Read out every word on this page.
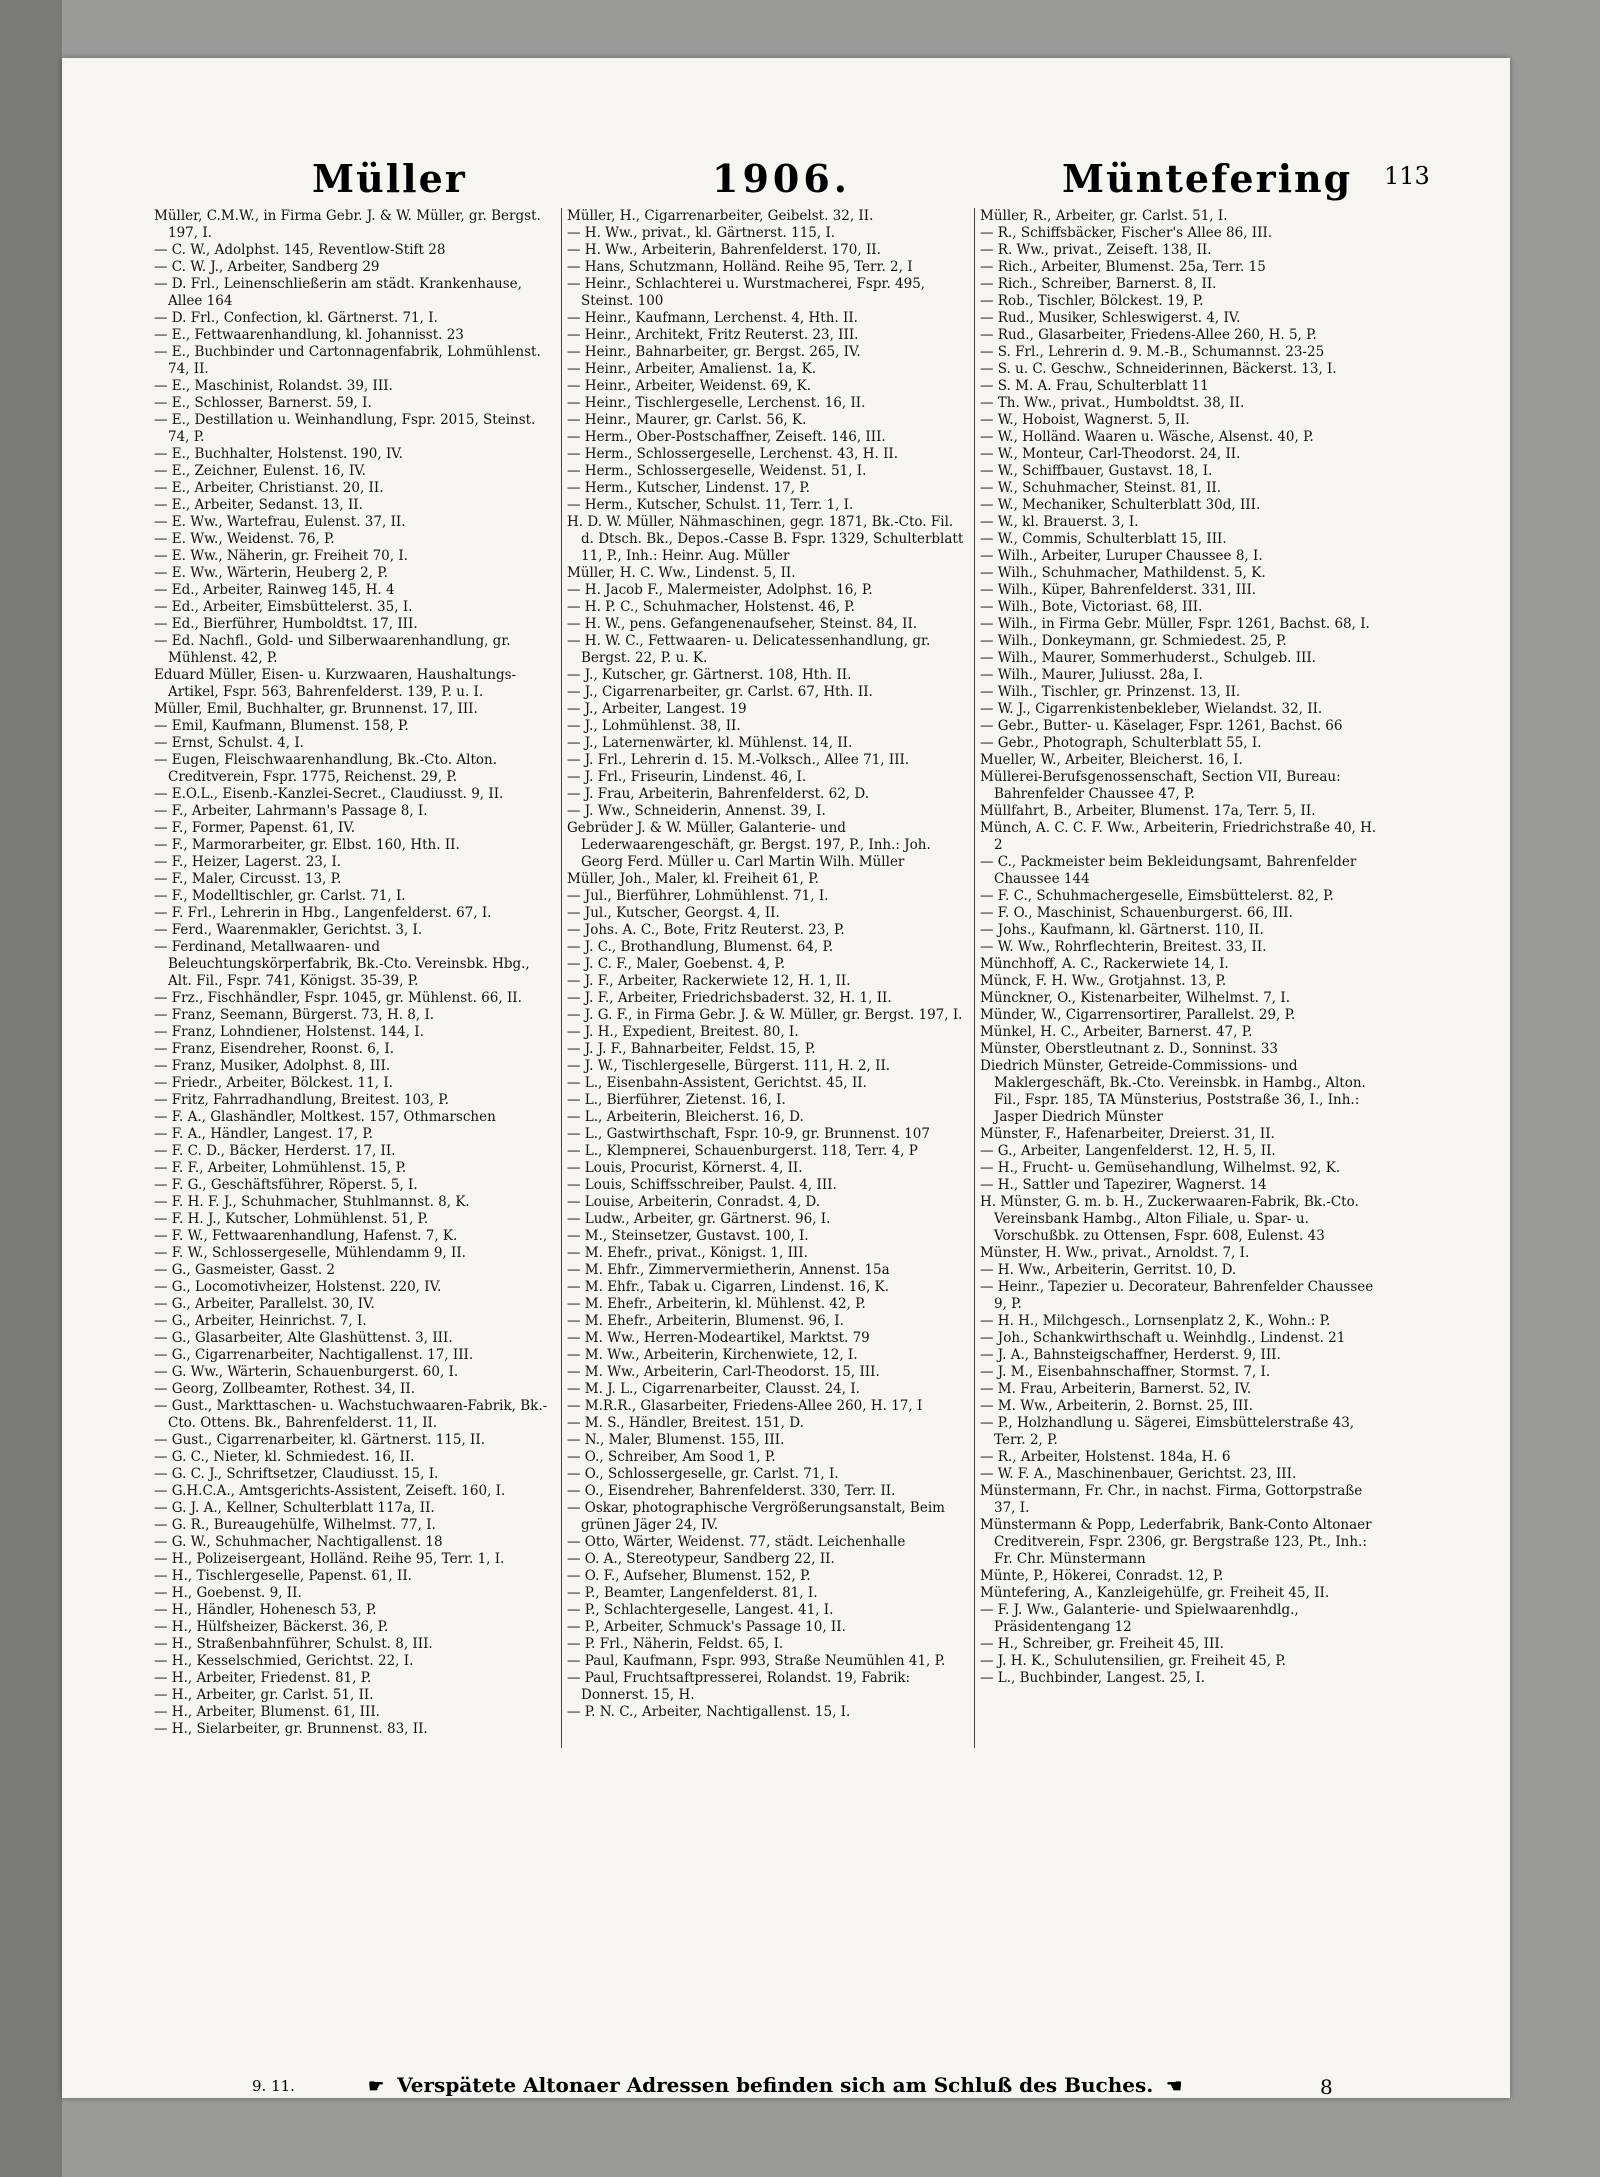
Müller	1906.	Müntefering 113
Müller, C.M.W., in Firma Gebr. J. & W. Müller, gr. Bergst. 197, I.
— C. W., Adolphst. 145, Reventlow-Stift 28
— C. W. J., Arbeiter, Sandberg 29
— D. Frl., Leinenschließerin am städt. Krankenhause, Allee 164
— D. Frl., Confection, kl. Gärtnerst. 71, I.
— E., Fettwaarenhandlung, kl. Johannisst. 23
— E., Buchbinder und Cartonnagenfabrik, Lohmühlenst. 74, II.
— E., Maschinist, Rolandst. 39, III.
— E., Schlosser, Barnerst. 59, I.
— E., Destillation u. Weinhandlung, Fspr. 2015, Steinst. 74, P.
— E., Buchhalter, Holstenst. 190, IV.
— E., Zeichner, Eulenst. 16, IV.
— E., Arbeiter, Christianst. 20, II.
— E., Arbeiter, Sedanst. 13, II.
— E. Ww., Wartefrau, Eulenst. 37, II.
— E. Ww., Weidenst. 76, P.
— E. Ww., Näherin, gr. Freiheit 70, I.
— E. Ww., Wärterin, Heuberg 2, P.
— Ed., Arbeiter, Rainweg 145, H. 4
— Ed., Arbeiter, Eimsbüttelerst. 35, I.
— Ed., Bierführer, Humboldtst. 17, III.
— Ed. Nachfl., Gold- und Silberwaarenhandlung, gr. Mühlenst. 42, P.
Eduard Müller, Eisen- u. Kurzwaaren, Haushaltungs-Artikel, Fspr. 563, Bahrenfelderst. 139, P. u. I.
Müller, Emil, Buchhalter, gr. Brunnenst. 17, III.
— Emil, Kaufmann, Blumenst. 158, P.
— Ernst, Schulst. 4, I.
— Eugen, Fleischwaarenhandlung, Bk.-Cto. Alton. Creditverein, Fspr. 1775, Reichenst. 29, P.
— E.O.L., Eisenb.-Kanzlei-Secret., Claudiusst. 9, II.
— F., Arbeiter, Lahrmann's Passage 8, I.
— F., Former, Papenst. 61, IV.
— F., Marmorarbeiter, gr. Elbst. 160, Hth. II.
— F., Heizer, Lagerst. 23, I.
— F., Maler, Circusst. 13, P.
— F., Modelltischler, gr. Carlst. 71, I.
— F. Frl., Lehrerin in Hbg., Langenfelderst. 67, I.
— Ferd., Waarenmakler, Gerichtst. 3, I.
— Ferdinand, Metallwaaren- und Beleuchtungskörperfabrik, Bk.-Cto. Vereinsbk. Hbg., Alt. Fil., Fspr. 741, Königst. 35-39, P.
— Frz., Fischhändler, Fspr. 1045, gr. Mühlenst. 66, II.
— Franz, Seemann, Bürgerst. 73, H. 8, I.
— Franz, Lohndiener, Holstenst. 144, I.
— Franz, Eisendreher, Roonst. 6, I.
— Franz, Musiker, Adolphst. 8, III.
— Friedr., Arbeiter, Bölckest. 11, I.
— Fritz, Fahrradhandlung, Breitest. 103, P.
— F. A., Glashändler, Moltkest. 157, Othmarschen
— F. A., Händler, Langest. 17, P.
— F. C. D., Bäcker, Herderst. 17, II.
— F. F., Arbeiter, Lohmühlenst. 15, P.
— F. G., Geschäftsführer, Röperst. 5, I.
— F. H. F. J., Schuhmacher, Stuhlmannst. 8, K.
— F. H. J., Kutscher, Lohmühlenst. 51, P.
— F. W., Fettwaarenhandlung, Hafenst. 7, K.
— F. W., Schlossergeselle, Mühlendamm 9, II.
— G., Gasmeister, Gasst. 2
— G., Locomotivheizer, Holstenst. 220, IV.
— G., Arbeiter, Parallelst. 30, IV.
— G., Arbeiter, Heinrichst. 7, I.
— G., Glasarbeiter, Alte Glashüttenst. 3, III.
— G., Cigarrenarbeiter, Nachtigallenst. 17, III.
— G. Ww., Wärterin, Schauenburgerst. 60, I.
— Georg, Zollbeamter, Rothest. 34, II.
— Gust., Markttaschen- u. Wachstuchwaaren-Fabrik, Bk.-Cto. Ottens. Bk., Bahrenfelderst. 11, II.
— Gust., Cigarrenarbeiter, kl. Gärtnerst. 115, II.
— G. C., Nieter, kl. Schmiedest. 16, II.
— G. C. J., Schriftsetzer, Claudiusst. 15, I.
— G.H.C.A., Amtsgerichts-Assistent, Zeiseft. 160, I.
— G. J. A., Kellner, Schulterblatt 117a, II.
— G. R., Bureaugehülfe, Wilhelmst. 77, I.
— G. W., Schuhmacher, Nachtigallenst. 18
— H., Polizeisergeant, Holländ. Reihe 95, Terr. 1, I.
— H., Tischlergeselle, Papenst. 61, II.
— H., Goebenst. 9, II.
— H., Händler, Hohenesch 53, P.
— H., Hülfsheizer, Bäckerst. 36, P.
— H., Straßenbahnführer, Schulst. 8, III.
— H., Kesselschmied, Gerichtst. 22, I.
— H., Arbeiter, Friedenst. 81, P.
— H., Arbeiter, gr. Carlst. 51, II.
— H., Arbeiter, Blumenst. 61, III.
— H., Sielarbeiter, gr. Brunnenst. 83, II.
Müller, H., Cigarrenarbeiter, Geibelst. 32, II.
— H. Ww., privat., kl. Gärtnerst. 115, I.
— H. Ww., Arbeiterin, Bahrenfelderst. 170, II.
— Hans, Schutzmann, Holländ. Reihe 95, Terr. 2, I
— Heinr., Schlachterei u. Wurstmacherei, Fspr. 495, Steinst. 100
— Heinr., Kaufmann, Lerchenst. 4, Hth. II.
— Heinr., Architekt, Fritz Reuterst. 23, III.
— Heinr., Bahnarbeiter, gr. Bergst. 265, IV.
— Heinr., Arbeiter, Amalienst. 1a, K.
— Heinr., Arbeiter, Weidenst. 69, K.
— Heinr., Tischlergeselle, Lerchenst. 16, II.
— Heinr., Maurer, gr. Carlst. 56, K.
— Herm., Ober-Postschaffner, Zeiseft. 146, III.
— Herm., Schlossergeselle, Lerchenst. 43, H. II.
— Herm., Schlossergeselle, Weidenst. 51, I.
— Herm., Kutscher, Lindenst. 17, P.
— Herm., Kutscher, Schulst. 11, Terr. 1, I.
H. D. W. Müller, Nähmaschinen, gegr. 1871, Bk.-Cto. Fil. d. Dtsch. Bk., Depos.-Casse B. Fspr. 1329, Schulterblatt 11, P., Inh.: Heinr. Aug. Müller
Müller, H. C. Ww., Lindenst. 5, II.
— H. Jacob F., Malermeister, Adolphst. 16, P.
— H. P. C., Schuhmacher, Holstenst. 46, P.
— H. W., pens. Gefangenenaufseher, Steinst. 84, II.
— H. W. C., Fettwaaren- u. Delicatessenhandlung, gr. Bergst. 22, P. u. K.
— J., Kutscher, gr. Gärtnerst. 108, Hth. II.
— J., Cigarrenarbeiter, gr. Carlst. 67, Hth. II.
— J., Arbeiter, Langest. 19
— J., Lohmühlenst. 38, II.
— J., Laternenwärter, kl. Mühlenst. 14, II.
— J. Frl., Lehrerin d. 15. M.-Volksch., Allee 71, III.
— J. Frl., Friseurin, Lindenst. 46, I.
— J. Frau, Arbeiterin, Bahrenfelderst. 62, D.
— J. Ww., Schneiderin, Annenst. 39, I.
Gebrüder J. & W. Müller, Galanterie- und Lederwaarengeschäft, gr. Bergst. 197, P., Inh.: Joh. Georg Ferd. Müller u. Carl Martin Wilh. Müller
Müller, Joh., Maler, kl. Freiheit 61, P.
— Jul., Bierführer, Lohmühlenst. 71, I.
— Jul., Kutscher, Georgst. 4, II.
— Johs. A. C., Bote, Fritz Reuterst. 23, P.
— J. C., Brothandlung, Blumenst. 64, P.
— J. C. F., Maler, Goebenst. 4, P.
— J. F., Arbeiter, Rackerwiete 12, H. 1, II.
— J. F., Arbeiter, Friedrichsbaderst. 32, H. 1, II.
— J. G. F., in Firma Gebr. J. & W. Müller, gr. Bergst. 197, I.
— J. H., Expedient, Breitest. 80, I.
— J. J. F., Bahnarbeiter, Feldst. 15, P.
— J. W., Tischlergeselle, Bürgerst. 111, H. 2, II.
— L., Eisenbahn-Assistent, Gerichtst. 45, II.
— L., Bierführer, Zietenst. 16, I.
— L., Arbeiterin, Bleicherst. 16, D.
— L., Gastwirthschaft, Fspr. 10-9, gr. Brunnenst. 107
— L., Klempnerei, Schauenburgerst. 118, Terr. 4, P
— Louis, Procurist, Körnerst. 4, II.
— Louis, Schiffsschreiber, Paulst. 4, III.
— Louise, Arbeiterin, Conradst. 4, D.
— Ludw., Arbeiter, gr. Gärtnerst. 96, I.
— M., Steinsetzer, Gustavst. 100, I.
— M. Ehefr., privat., Königst. 1, III.
— M. Ehfr., Zimmervermietherin, Annenst. 15a
— M. Ehfr., Tabak u. Cigarren, Lindenst. 16, K.
— M. Ehefr., Arbeiterin, kl. Mühlenst. 42, P.
— M. Ehefr., Arbeiterin, Blumenst. 96, I.
— M. Ww., Herren-Modeartikel, Marktst. 79
— M. Ww., Arbeiterin, Kirchenwiete, 12, I.
— M. Ww., Arbeiterin, Carl-Theodorst. 15, III.
— M. J. L., Cigarrenarbeiter, Clausst. 24, I.
— M.R.R., Glasarbeiter, Friedens-Allee 260, H. 17, I
— M. S., Händler, Breitest. 151, D.
— N., Maler, Blumenst. 155, III.
— O., Schreiber, Am Sood 1, P.
— O., Schlossergeselle, gr. Carlst. 71, I.
— O., Eisendreher, Bahrenfelderst. 330, Terr. II.
— Oskar, photographische Vergrößerungsanstalt, Beim grünen Jäger 24, IV.
— Otto, Wärter, Weidenst. 77, städt. Leichenhalle
— O. A., Stereotypeur, Sandberg 22, II.
— O. F., Aufseher, Blumenst. 152, P.
— P., Beamter, Langenfelderst. 81, I.
— P., Schlachtergeselle, Langest. 41, I.
— P., Arbeiter, Schmuck's Passage 10, II.
— P. Frl., Näherin, Feldst. 65, I.
— Paul, Kaufmann, Fspr. 993, Straße Neumühlen 41, P.
— Paul, Fruchtsaftpresserei, Rolandst. 19, Fabrik: Donnerst. 15, H.
— P. N. C., Arbeiter, Nachtigallenst. 15, I.
Müller, R., Arbeiter, gr. Carlst. 51, I.
— R., Schiffsbäcker, Fischer's Allee 86, III.
— R. Ww., privat., Zeiseft. 138, II.
— Rich., Arbeiter, Blumenst. 25a, Terr. 15
— Rich., Schreiber, Barnerst. 8, II.
— Rob., Tischler, Bölckest. 19, P.
— Rud., Musiker, Schleswigerst. 4, IV.
— Rud., Glasarbeiter, Friedens-Allee 260, H. 5, P.
— S. Frl., Lehrerin d. 9. M.-B., Schumannst. 23-25
— S. u. C. Geschw., Schneiderinnen, Bäckerst. 13, I.
— S. M. A. Frau, Schulterblatt 11
— Th. Ww., privat., Humboldtst. 38, II.
— W., Hoboist, Wagnerst. 5, II.
— W., Holländ. Waaren u. Wäsche, Alsenst. 40, P.
— W., Monteur, Carl-Theodorst. 24, II.
— W., Schiffbauer, Gustavst. 18, I.
— W., Schuhmacher, Steinst. 81, II.
— W., Mechaniker, Schulterblatt 30d, III.
— W., kl. Brauerst. 3, I.
— W., Commis, Schulterblatt 15, III.
— Wilh., Arbeiter, Luruper Chaussee 8, I.
— Wilh., Schuhmacher, Mathildenst. 5, K.
— Wilh., Küper, Bahrenfelderst. 331, III.
— Wilh., Bote, Victoriast. 68, III.
— Wilh., in Firma Gebr. Müller, Fspr. 1261, Bachst. 68, I.
— Wilh., Donkeymann, gr. Schmiedest. 25, P.
— Wilh., Maurer, Sommerhuderst., Schulgeb. III.
— Wilh., Maurer, Juliusst. 28a, I.
— Wilh., Tischler, gr. Prinzenst. 13, II.
— W. J., Cigarrenkistenbekleber, Wielandst. 32, II.
— Gebr., Butter- u. Käselager, Fspr. 1261, Bachst. 66
— Gebr., Photograph, Schulterblatt 55, I.
Mueller, W., Arbeiter, Bleicherst. 16, I.
Müllerei-Berufsgenossenschaft, Section VII, Bureau: Bahrenfelder Chaussee 47, P.
Müllfahrt, B., Arbeiter, Blumenst. 17a, Terr. 5, II.
Münch, A. C. C. F. Ww., Arbeiterin, Friedrichstraße 40, H. 2
— C., Packmeister beim Bekleidungsamt, Bahrenfelder Chaussee 144
— F. C., Schuhmachergeselle, Eimsbüttelerst. 82, P.
— F. O., Maschinist, Schauenburgerst. 66, III.
— Johs., Kaufmann, kl. Gärtnerst. 110, II.
— W. Ww., Rohrflechterin, Breitest. 33, II.
Münchhoff, A. C., Rackerwiete 14, I.
Münck, F. H. Ww., Grotjahnst. 13, P.
Münckner, O., Kistenarbeiter, Wilhelmst. 7, I.
Münder, W., Cigarrensortirer, Parallelst. 29, P.
Münkel, H. C., Arbeiter, Barnerst. 47, P.
Münster, Oberstleutnant z. D., Sonninst. 33
Diedrich Münster, Getreide-Commissions- und Maklergeschäft, Bk.-Cto. Vereinsbk. in Hambg., Alton. Fil., Fspr. 185, TA Münsterius, Poststraße 36, I., Inh.: Jasper Diedrich Münster
Münster, F., Hafenarbeiter, Dreierst. 31, II.
— G., Arbeiter, Langenfelderst. 12, H. 5, II.
— H., Frucht- u. Gemüsehandlung, Wilhelmst. 92, K.
— H., Sattler und Tapezirer, Wagnerst. 14
H. Münster, G. m. b. H., Zuckerwaaren-Fabrik, Bk.-Cto. Vereinsbank Hambg., Alton Filiale, u. Spar- u. Vorschußbk. zu Ottensen, Fspr. 608, Eulenst. 43
Münster, H. Ww., privat., Arnoldst. 7, I.
— H. Ww., Arbeiterin, Gerritst. 10, D.
— Heinr., Tapezier u. Decorateur, Bahrenfelder Chaussee 9, P.
— H. H., Milchgesch., Lornsenplatz 2, K., Wohn.: P.
— Joh., Schankwirthschaft u. Weinhdlg., Lindenst. 21
— J. A., Bahnsteigschaffner, Herderst. 9, III.
— J. M., Eisenbahnschaffner, Stormst. 7, I.
— M. Frau, Arbeiterin, Barnerst. 52, IV.
— M. Ww., Arbeiterin, 2. Bornst. 25, III.
— P., Holzhandlung u. Sägerei, Eimsbüttelerstraße 43, Terr. 2, P.
— R., Arbeiter, Holstenst. 184a, H. 6
— W. F. A., Maschinenbauer, Gerichtst. 23, III.
Münstermann, Fr. Chr., in nachst. Firma, Gottorpstraße 37, I.
Münstermann & Popp, Lederfabrik, Bank-Conto Altonaer Creditverein, Fspr. 2306, gr. Bergstraße 123, Pt., Inh.: Fr. Chr. Münstermann
Münte, P., Hökerei, Conradst. 12, P.
Müntefering, A., Kanzleigehülfe, gr. Freiheit 45, II.
— F. J. Ww., Galanterie- und Spielwaarenhdlg., Präsidentengang 12
— H., Schreiber, gr. Freiheit 45, III.
— J. H. K., Schulutensilien, gr. Freiheit 45, P.
— L., Buchbinder, Langest. 25, I.
9. 11.	☛ Verspätete Altonaer Adressen befinden sich am Schluß des Buches. ☚	8
